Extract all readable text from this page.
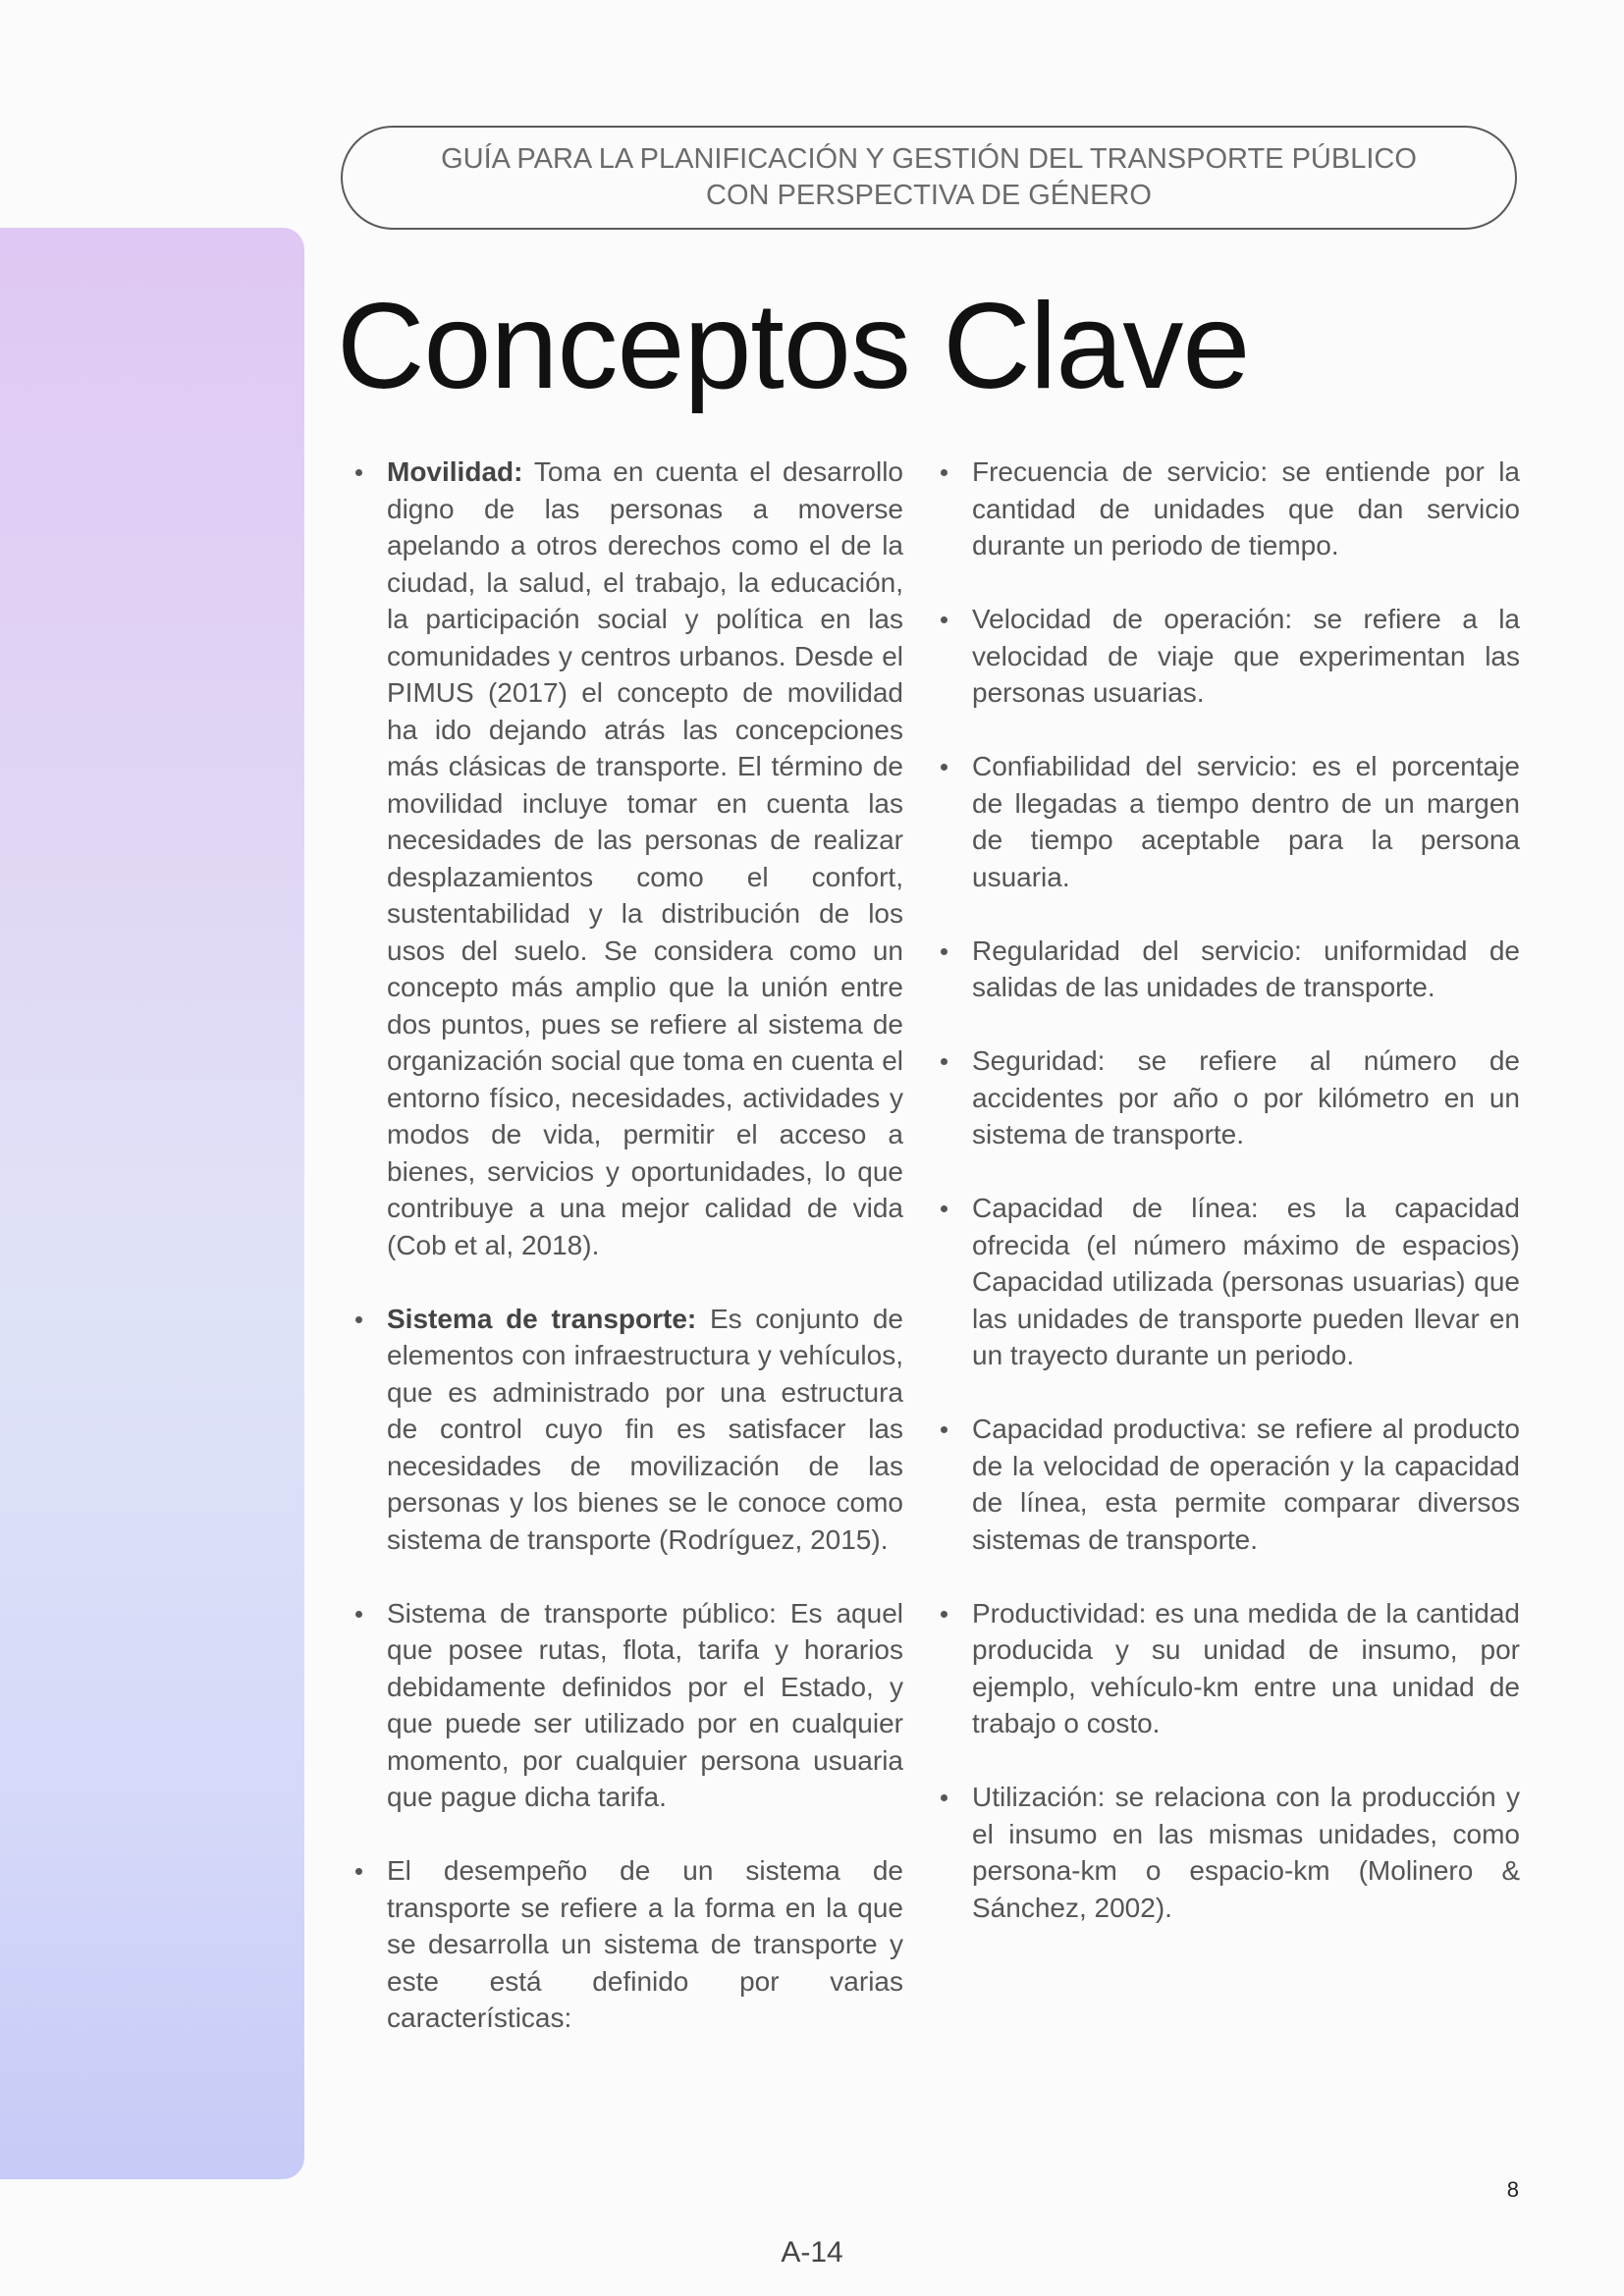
GUÍA PARA LA PLANIFICACIÓN Y GESTIÓN DEL TRANSPORTE PÚBLICO CON PERSPECTIVA DE GÉNERO
Conceptos Clave
Movilidad: Toma en cuenta el desarrollo digno de las personas a moverse apelando a otros derechos como el de la ciudad, la salud, el trabajo, la educación, la participación social y política en las comunidades y centros urbanos. Desde el PIMUS (2017) el concepto de movilidad ha ido dejando atrás las concepciones más clásicas de transporte. El término de movilidad incluye tomar en cuenta las necesidades de las personas de realizar desplazamientos como el confort, sustentabilidad y la distribución de los usos del suelo. Se considera como un concepto más amplio que la unión entre dos puntos, pues se refiere al sistema de organización social que toma en cuenta el entorno físico, necesidades, actividades y modos de vida, permitir el acceso a bienes, servicios y oportunidades, lo que contribuye a una mejor calidad de vida (Cob et al, 2018).
Sistema de transporte: Es conjunto de elementos con infraestructura y vehículos, que es administrado por una estructura de control cuyo fin es satisfacer las necesidades de movilización de las personas y los bienes se le conoce como sistema de transporte (Rodríguez, 2015).
Sistema de transporte público: Es aquel que posee rutas, flota, tarifa y horarios debidamente definidos por el Estado, y que puede ser utilizado por en cualquier momento, por cualquier persona usuaria que pague dicha tarifa.
El desempeño de un sistema de transporte se refiere a la forma en la que se desarrolla un sistema de transporte y este está definido por varias características:
Frecuencia de servicio: se entiende por la cantidad de unidades que dan servicio durante un periodo de tiempo.
Velocidad de operación: se refiere a la velocidad de viaje que experimentan las personas usuarias.
Confiabilidad del servicio: es el porcentaje de llegadas a tiempo dentro de un margen de tiempo aceptable para la persona usuaria.
Regularidad del servicio: uniformidad de salidas de las unidades de transporte.
Seguridad: se refiere al número de accidentes por año o por kilómetro en un sistema de transporte.
Capacidad de línea: es la capacidad ofrecida (el número máximo de espacios) Capacidad utilizada (personas usuarias) que las unidades de transporte pueden llevar en un trayecto durante un periodo.
Capacidad productiva: se refiere al producto de la velocidad de operación y la capacidad de línea, esta permite comparar diversos sistemas de transporte.
Productividad: es una medida de la cantidad producida y su unidad de insumo, por ejemplo, vehículo-km entre una unidad de trabajo o costo.
Utilización: se relaciona con la producción y el insumo en las mismas unidades, como persona-km o espacio-km (Molinero & Sánchez, 2002).
8
A-14
